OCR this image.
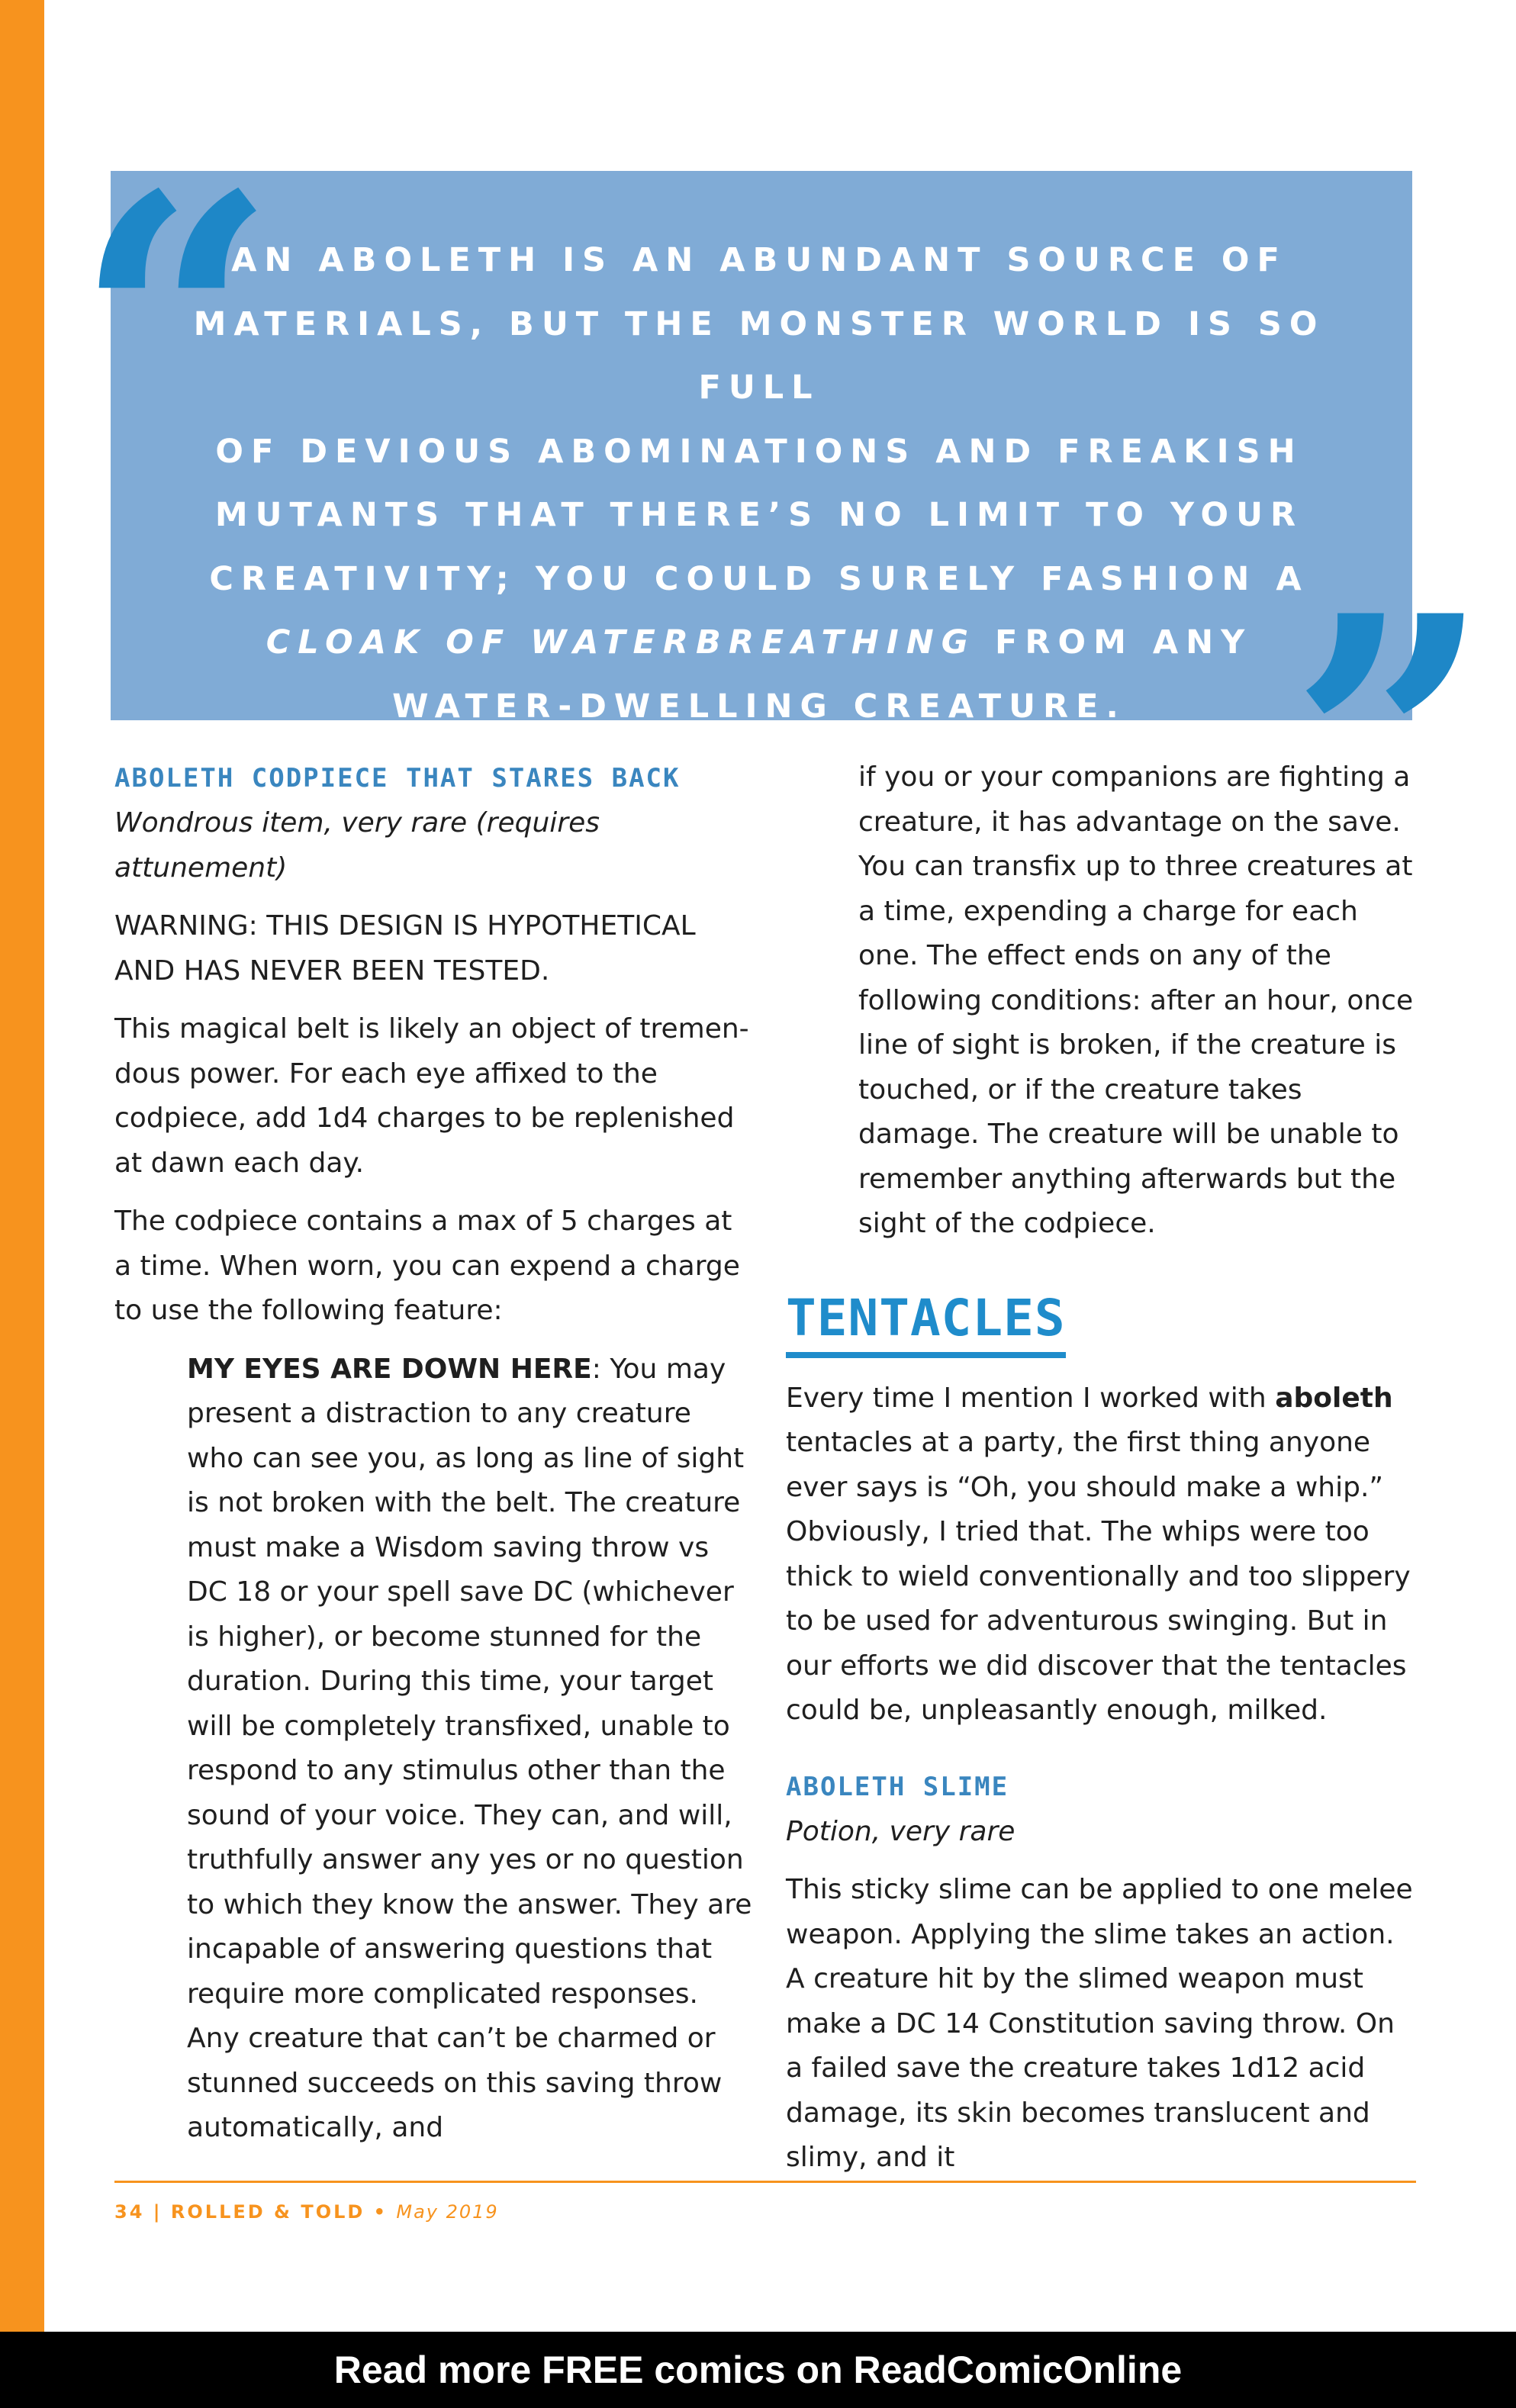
“
”
AN ABOLETH IS AN ABUNDANT SOURCE OF
MATERIALS, BUT THE MONSTER WORLD IS SO FULL
OF DEVIOUS ABOMINATIONS AND FREAKISH
MUTANTS THAT THERE’S NO LIMIT TO YOUR
CREATIVITY; YOU COULD SURELY FASHION A
CLOAK OF WATERBREATHING FROM ANY
WATER-DWELLING CREATURE.

ABOLETH CODPIECE THAT STARES BACK

Wondrous item, very rare (requires attunement)

WARNING: THIS DESIGN IS HYPOTHETICAL AND HAS NEVER BEEN TESTED.

This magical belt is likely an object of tremen-dous power. For each eye affixed to the codpiece, add 1d4 charges to be replenished at dawn each day.

The codpiece contains a max of 5 charges at a time. When worn, you can expend a charge to use the following feature:

MY EYES ARE DOWN HERE: You may present a distraction to any creature who can see you, as long as line of sight is not broken with the belt. The creature must make a Wisdom saving throw vs DC 18 or your spell save DC (whichever is higher), or become stunned for the duration. During this time, your target will be completely transfixed, unable to respond to any stimulus other than the sound of your voice. They can, and will, truthfully answer any yes or no question to which they know the answer. They are incapable of answering questions that require more complicated responses. Any creature that can’t be charmed or stunned succeeds on this saving throw automatically, and

if you or your companions are fighting a creature, it has advantage on the save. You can transfix up to three creatures at a time, expending a charge for each one. The effect ends on any of the following conditions: after an hour, once line of sight is broken, if the creature is touched, or if the creature takes damage. The creature will be unable to remember anything afterwards but the sight of the codpiece.

TENTACLES

Every time I mention I worked with aboleth tentacles at a party, the first thing anyone ever says is “Oh, you should make a whip.” Obviously, I tried that. The whips were too thick to wield conventionally and too slippery to be used for adventurous swinging. But in our efforts we did discover that the tentacles could be, unpleasantly enough, milked.

ABOLETH SLIME

Potion, very rare

This sticky slime can be applied to one melee weapon. Applying the slime takes an action. A creature hit by the slimed weapon must make a DC 14 Constitution saving throw. On a failed save the creature takes 1d12 acid damage, its skin becomes translucent and slimy, and it

34 | ROLLED & TOLD • May 2019
Read more FREE comics on ReadComicOnline
